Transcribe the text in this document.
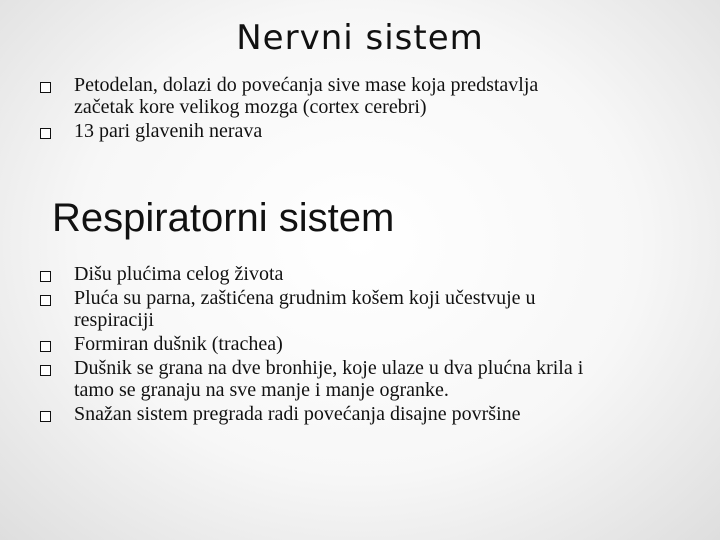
Nervni sistem
Petodelan, dolazi do povećanja sive mase koja predstavlja začetak kore velikog mozga (cortex cerebri)
13 pari glavenih nerava
Respiratorni sistem
Dišu plućima celog života
Pluća su parna, zaštićena grudnim košem koji učestvuje u respiraciji
Formiran dušnik (trachea)
Dušnik se grana na dve bronhije, koje ulaze u dva plućna krila i tamo se granaju na sve manje i manje ogranke.
Snažan sistem pregrada radi povećanja disajne površine
